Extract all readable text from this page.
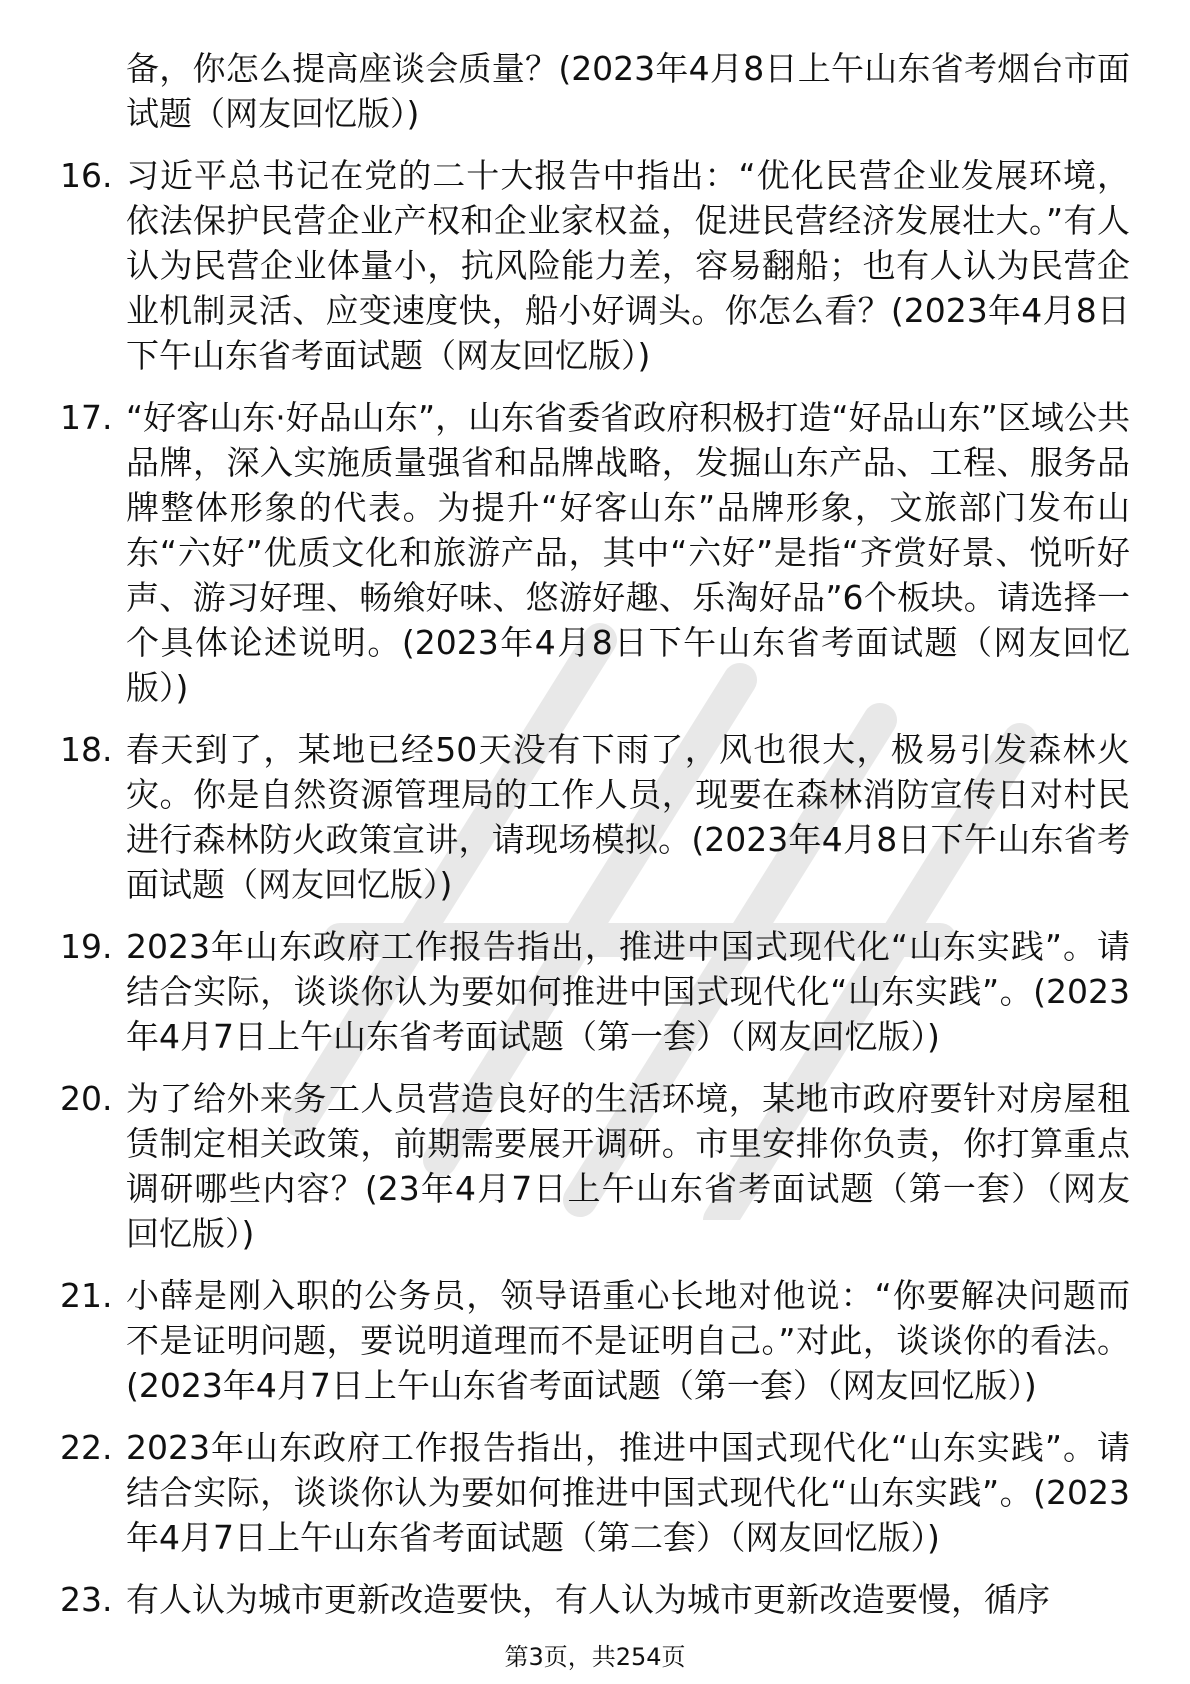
备，你怎么提高座谈会质量？(2023年4月8日上午山东省考烟台市面试题（网友回忆版）)
16. 习近平总书记在党的二十大报告中指出：“优化民营企业发展环境，依法保护民营企业产权和企业家权益，促进民营经济发展壮大。”有人认为民营企业体量小，抗风险能力差，容易翻船；也有人认为民营企业机制灵活、应变速度快，船小好调头。你怎么看？(2023年4月8日下午山东省考面试题（网友回忆版）)
17. “好客山东·好品山东”，山东省委省政府积极打造“好品山东”区域公共品牌，深入实施质量强省和品牌战略，发掘山东产品、工程、服务品牌整体形象的代表。为提升“好客山东”品牌形象，文旅部门发布山东“六好”优质文化和旅游产品，其中“六好”是指“齐赏好景、悦听好声、游习好理、畅飨好味、悠游好趣、乐淘好品”6个板块。请选择一个具体论述说明。(2023年4月8日下午山东省考面试题（网友回忆版）)
18. 春天到了，某地已经50天没有下雨了，风也很大，极易引发森林火灾。你是自然资源管理局的工作人员，现要在森林消防宣传日对村民进行森林防火政策宣讲，请现场模拟。(2023年4月8日下午山东省考面试题（网友回忆版）)
19. 2023年山东政府工作报告指出，推进中国式现代化“山东实践”。请结合实际，谈谈你认为要如何推进中国式现代化“山东实践”。(2023年4月7日上午山东省考面试题（第一套）（网友回忆版）)
20. 为了给外来务工人员营造良好的生活环境，某地市政府要针对房屋租赁制定相关政策，前期需要展开调研。市里安排你负责，你打算重点调研哪些内容？(23年4月7日上午山东省考面试题（第一套）（网友回忆版）)
21. 小薛是刚入职的公务员，领导语重心长地对他说：“你要解决问题而不是证明问题，要说明道理而不是证明自己。”对此，谈谈你的看法。(2023年4月7日上午山东省考面试题（第一套）（网友回忆版）)
22. 2023年山东政府工作报告指出，推进中国式现代化“山东实践”。请结合实际，谈谈你认为要如何推进中国式现代化“山东实践”。(2023年4月7日上午山东省考面试题（第二套）（网友回忆版）)
23. 有人认为城市更新改造要快，有人认为城市更新改造要慢，循序
第3页，共254页
